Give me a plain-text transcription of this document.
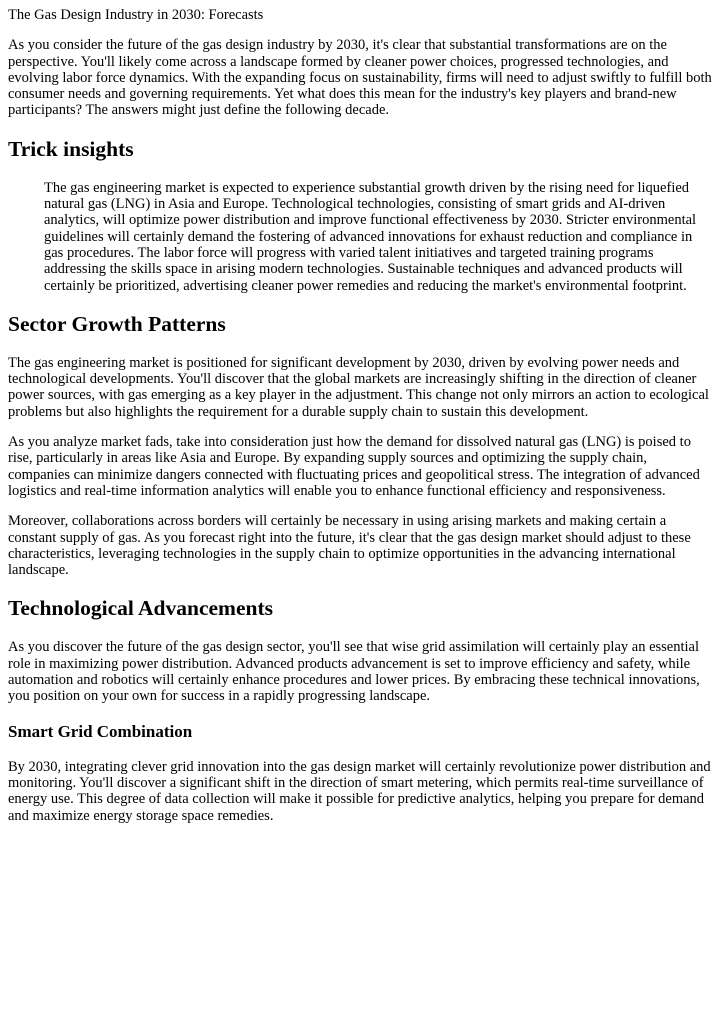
The Gas Design Industry in 2030: Forecasts

As you consider the future of the gas design industry by 2030, it's clear that substantial transformations are on the perspective. You'll likely come across a landscape formed by cleaner power choices, progressed technologies, and evolving labor force dynamics. With the expanding focus on sustainability, firms will need to adjust swiftly to fulfill both consumer needs and governing requirements. Yet what does this mean for the industry's key players and brand-new participants? The answers might just define the following decade.

Trick insights
The gas engineering market is expected to experience substantial growth driven by the rising need for liquefied natural gas (LNG) in Asia and Europe. Technological technologies, consisting of smart grids and AI-driven analytics, will optimize power distribution and improve functional effectiveness by 2030. Stricter environmental guidelines will certainly demand the fostering of advanced innovations for exhaust reduction and compliance in gas procedures. The labor force will progress with varied talent initiatives and targeted training programs addressing the skills space in arising modern technologies. Sustainable techniques and advanced products will certainly be prioritized, advertising cleaner power remedies and reducing the market's environmental footprint.
Sector Growth Patterns

The gas engineering market is positioned for significant development by 2030, driven by evolving power needs and technological developments. You'll discover that the global markets are increasingly shifting in the direction of cleaner power sources, with gas emerging as a key player in the adjustment. This change not only mirrors an action to ecological problems but also highlights the requirement for a durable supply chain to sustain this development.

As you analyze market fads, take into consideration just how the demand for dissolved natural gas (LNG) is poised to rise, particularly in areas like Asia and Europe. By expanding supply sources and optimizing the supply chain, companies can minimize dangers connected with fluctuating prices and geopolitical stress. The integration of advanced logistics and real-time information analytics will enable you to enhance functional efficiency and responsiveness.

Moreover, collaborations across borders will certainly be necessary in using arising markets and making certain a constant supply of gas. As you forecast right into the future, it's clear that the gas design market should adjust to these characteristics, leveraging technologies in the supply chain to optimize opportunities in the advancing international landscape.

Technological Advancements

As you discover the future of the gas design sector, you'll see that wise grid assimilation will certainly play an essential role in maximizing power distribution. Advanced products advancement is set to improve efficiency and safety, while automation and robotics will certainly enhance procedures and lower prices. By embracing these technical innovations, you position on your own for success in a rapidly progressing landscape.

Smart Grid Combination

By 2030, integrating clever grid innovation into the gas design market will certainly revolutionize power distribution and monitoring. You'll discover a significant shift in the direction of smart metering, which permits real-time surveillance of energy use. This degree of data collection will make it possible for predictive analytics, helping you prepare for demand and maximize energy storage space remedies.
